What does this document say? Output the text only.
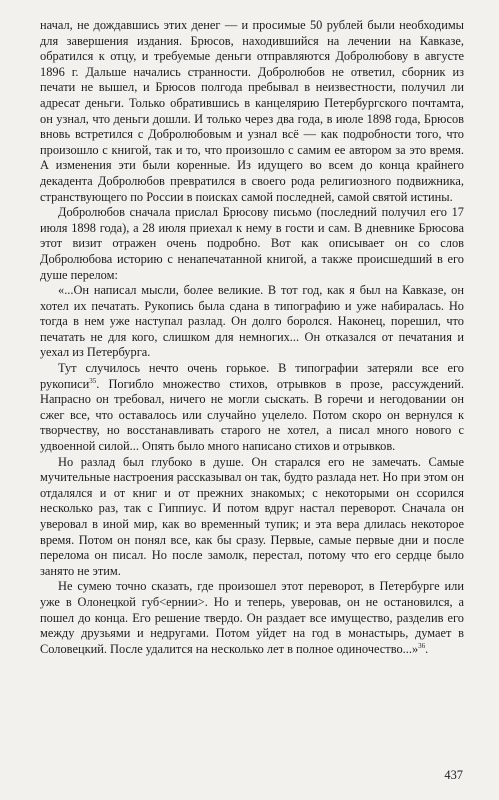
начал, не дождавшись этих денег — и просимые 50 рублей были необходимы для завершения издания. Брюсов, находившийся на лечении на Кавказе, обратился к отцу, и требуемые деньги отправляются Добролюбову в августе 1896 г. Дальше начались странности. Добролюбов не ответил, сборник из печати не вышел, и Брюсов полгода пребывал в неизвестности, получил ли адресат деньги. Только обратившись в канцелярию Петербургского почтамта, он узнал, что деньги дошли. И только через два года, в июле 1898 года, Брюсов вновь встретился с Добролюбовым и узнал всё — как подробности того, что произошло с книгой, так и то, что произошло с самим ее автором за это время. А изменения эти были коренные. Из идущего во всем до конца крайнего декадента Добролюбов превратился в своего рода религиозного подвижника, странствующего по России в поисках самой последней, самой святой истины.

Добролюбов сначала прислал Брюсову письмо (последний получил его 17 июля 1898 года), а 28 июля приехал к нему в гости и сам. В дневнике Брюсова этот визит отражен очень подробно. Вот как описывает он со слов Добролюбова историю с ненапечатанной книгой, а также происшедший в его душе перелом:

«...Он написал мысли, более великие. В тот год, как я был на Кавказе, он хотел их печатать. Рукопись была сдана в типографию и уже набиралась. Но тогда в нем уже наступал разлад. Он долго боролся. Наконец, порешил, что печатать не для кого, слишком для немногих... Он отказался от печатания и уехал из Петербурга.

Тут случилось нечто очень горькое. В типографии затеряли все его рукописи$^{35}$. Погибло множество стихов, отрывков в прозе, рассуждений. Напрасно он требовал, ничего не могли сыскать. В горечи и негодовании он сжег все, что оставалось или случайно уцелело. Потом скоро он вернулся к творчеству, но восстанавливать старого не хотел, а писал много нового с удвоенной силой... Опять было много написано стихов и отрывков.

Но разлад был глубоко в душе. Он старался его не замечать. Самые мучительные настроения рассказывал он так, будто разлада нет. Но при этом он отдалялся и от книг и от прежних знакомых; с некоторыми он ссорился несколько раз, так с Гиппиус. И потом вдруг настал переворот. Сначала он уверовал в иной мир, как во временный тупик; и эта вера длилась некоторое время. Потом он понял все, как бы сразу. Первые, самые первые дни и после перелома он писал. Но после замолк, перестал, потому что его сердце было занято не этим.

Не сумею точно сказать, где произошел этот переворот, в Петербурге или уже в Олонецкой губ<ернии>. Но и теперь, уверовав, он не остановился, а пошел до конца. Его решение твердо. Он раздает все имущество, разделив его между друзьями и недругами. Потом уйдет на год в монастырь, думает в Соловецкий. После удалится на несколько лет в полное одиночество...»$^{36}$.

437
